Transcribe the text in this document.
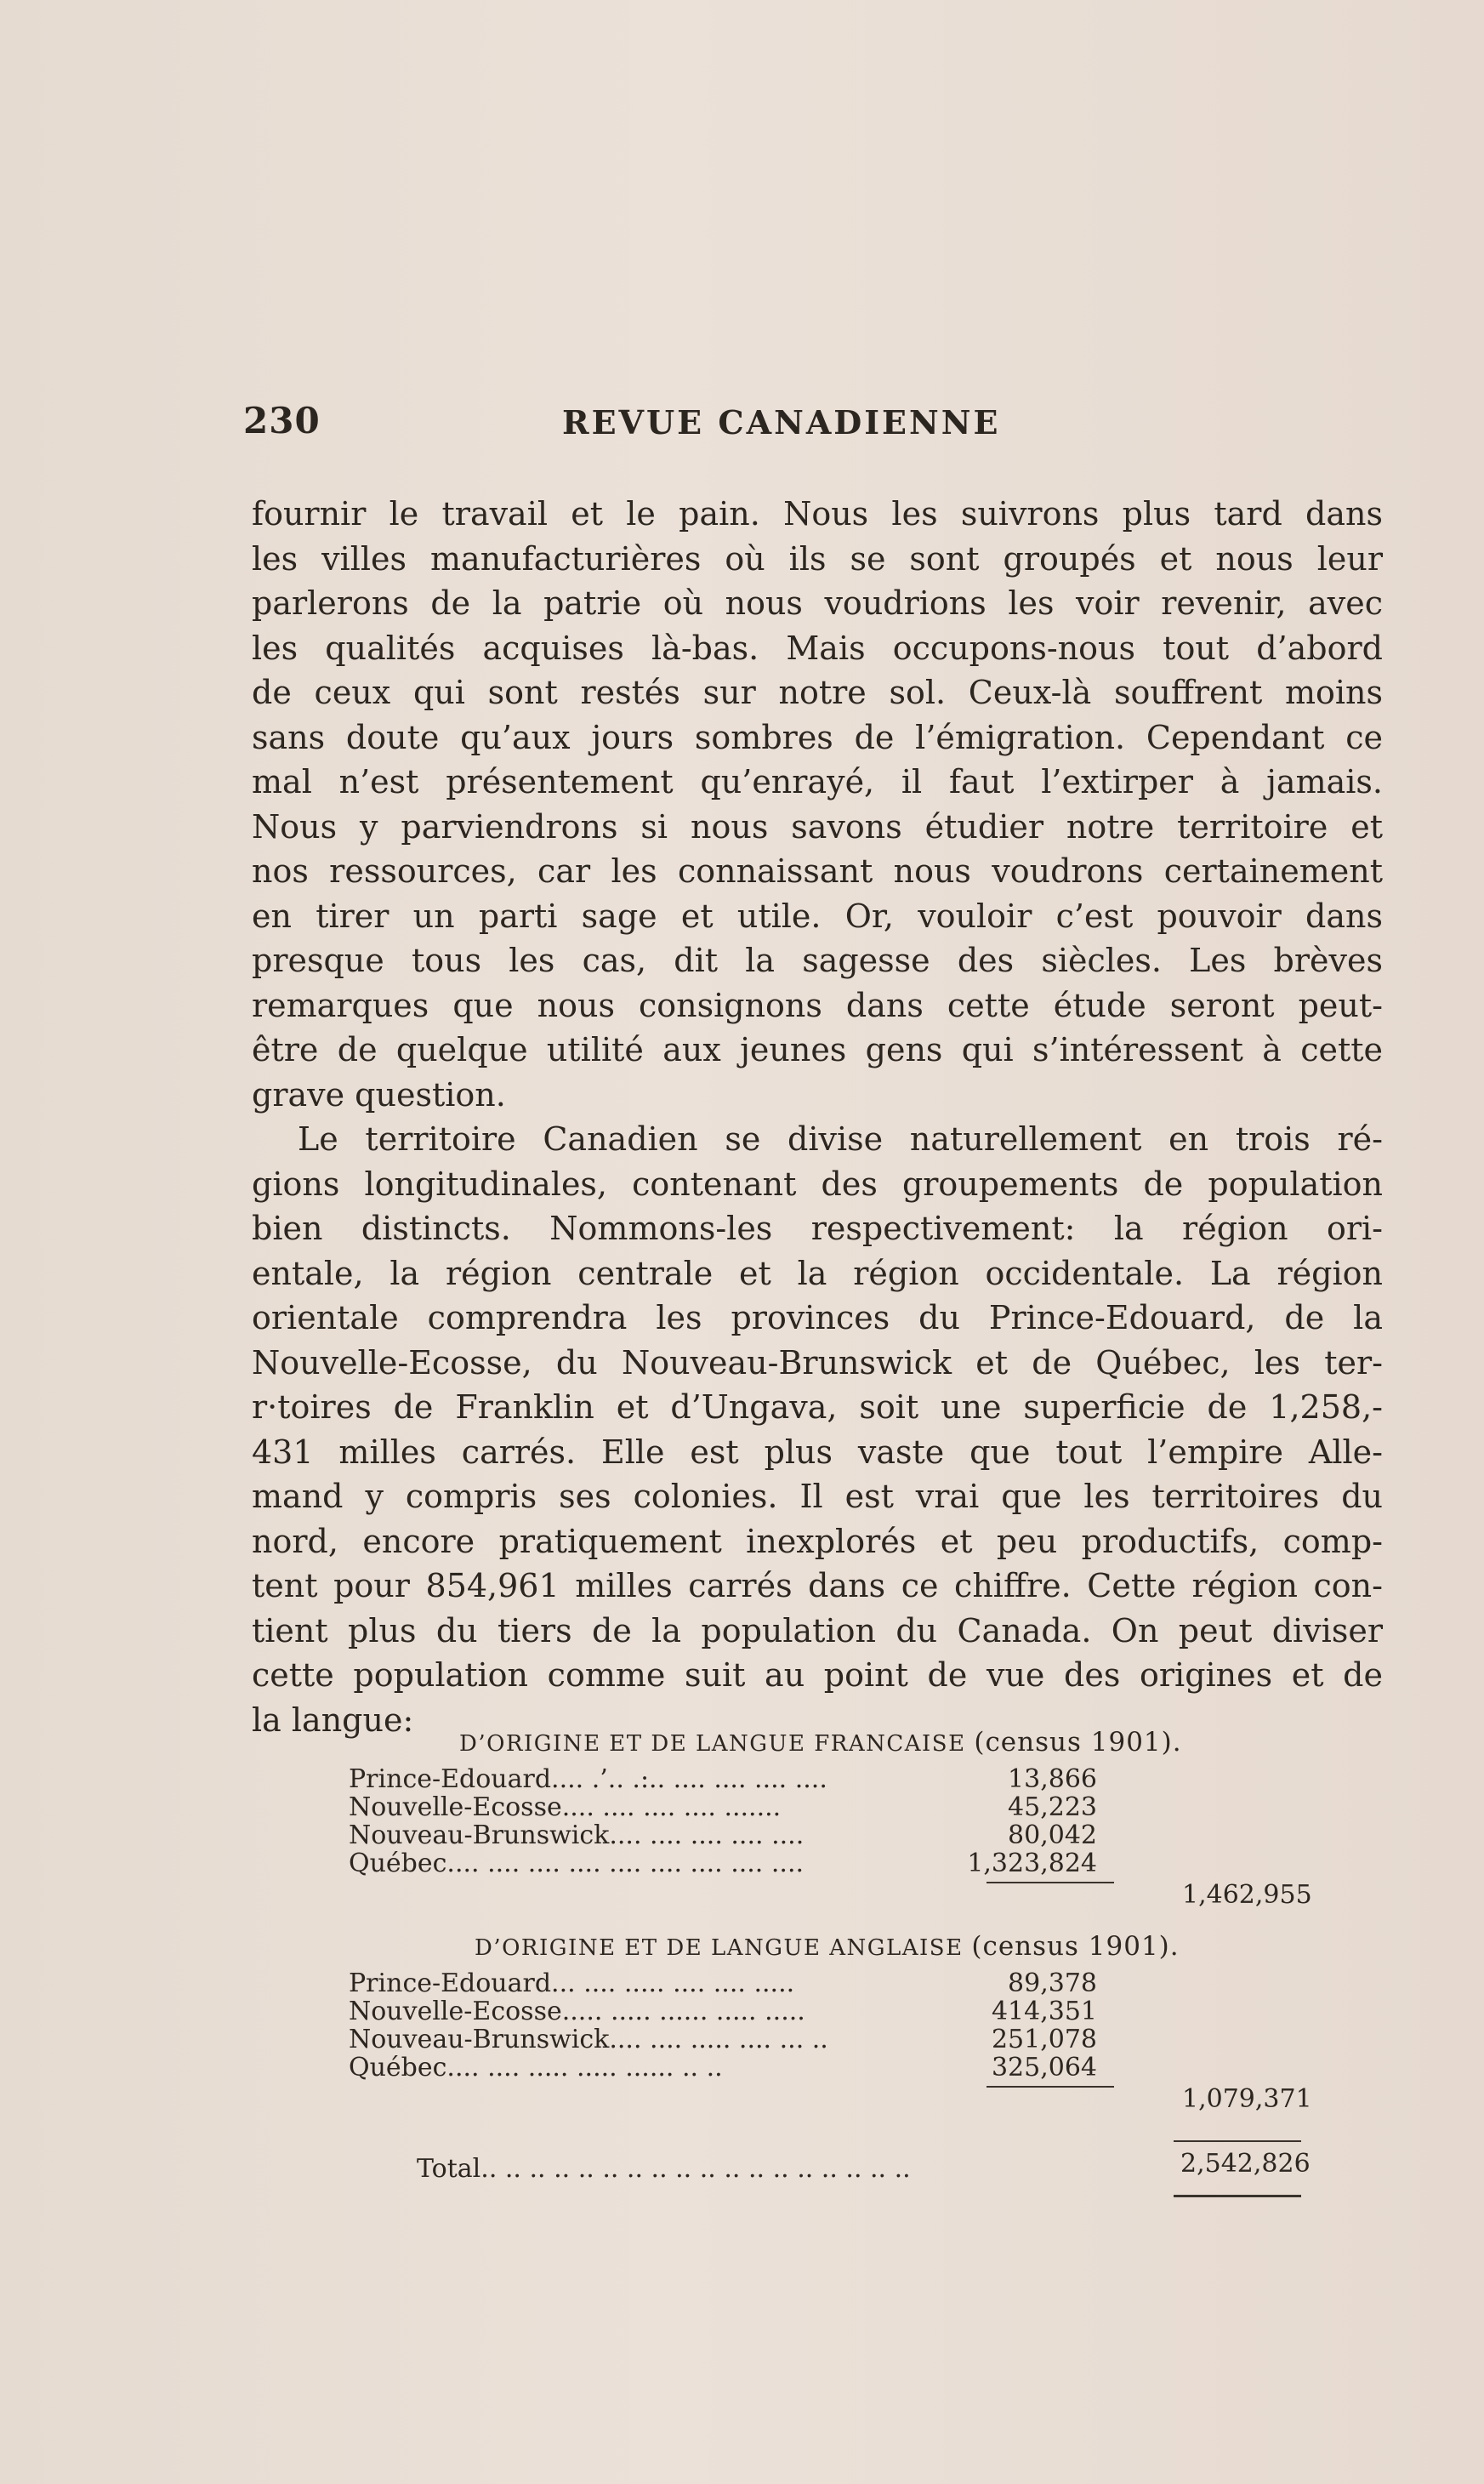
230	REVUE CANADIENNE
fournir le travail et le pain. Nous les suivrons plus tard dans
les villes manufacturières où ils se sont groupés et nous leur
parlerons de la patrie où nous voudrions les voir revenir, avec
les qualités acquises là-bas. Mais occupons-nous tout d’abord
de ceux qui sont restés sur notre sol. Ceux-là souffrent moins
sans doute qu’aux jours sombres de l’émigration. Cependant ce
mal n’est présentement qu’enrayé, il faut l’extirper à jamais.
Nous y parviendrons si nous savons étudier notre territoire et
nos ressources, car les connaissant nous voudrons certainement
en tirer un parti sage et utile. Or, vouloir c’est pouvoir dans
presque tous les cas, dit la sagesse des siècles. Les brèves
remarques que nous consignons dans cette étude seront peut-
être de quelque utilité aux jeunes gens qui s’intéressent à cette
grave question.
Le territoire Canadien se divise naturellement en trois ré-
gions longitudinales, contenant des groupements de population
bien distincts. Nommons-les respectivement: la région ori-
entale, la région centrale et la région occidentale. La région
orientale comprendra les provinces du Prince-Edouard, de la
Nouvelle-Ecosse, du Nouveau-Brunswick et de Québec, les ter-
r·toires de Franklin et d’Ungava, soit une superficie de 1,258,-
431 milles carrés. Elle est plus vaste que tout l’empire Alle-
mand y compris ses colonies. Il est vrai que les territoires du
nord, encore pratiquement inexplorés et peu productifs, comp-
tent pour 854,961 milles carrés dans ce chiffre. Cette région con-
tient plus du tiers de la population du Canada. On peut diviser
cette population comme suit au point de vue des origines et de
la langue:
D’ORIGINE ET DE LANGUE FRANCAISE (census 1901).
Prince-Edouard.... .’.. .:.. .... .... .... ....	13,866
Nouvelle-Ecosse.... .... .... .... .......	45,223
Nouveau-Brunswick.... .... .... .... ....	80,042
Québec.... .... .... .... .... .... .... .... ....	1,323,824
1,462,955
D’ORIGINE ET DE LANGUE ANGLAISE (census 1901).
Prince-Edouard... .... ..... .... .... .....	89,378
Nouvelle-Ecosse..... ..... ...... ..... .....	414,351
Nouveau-Brunswick.... .... ..... .... ... ..	251,078
Québec.... .... ..... ..... ...... .. ..	325,064
1,079,371
Total.. .. .. .. .. .. .. .. .. .. .. .. .. .. .. .. .. ..	2,542,826
